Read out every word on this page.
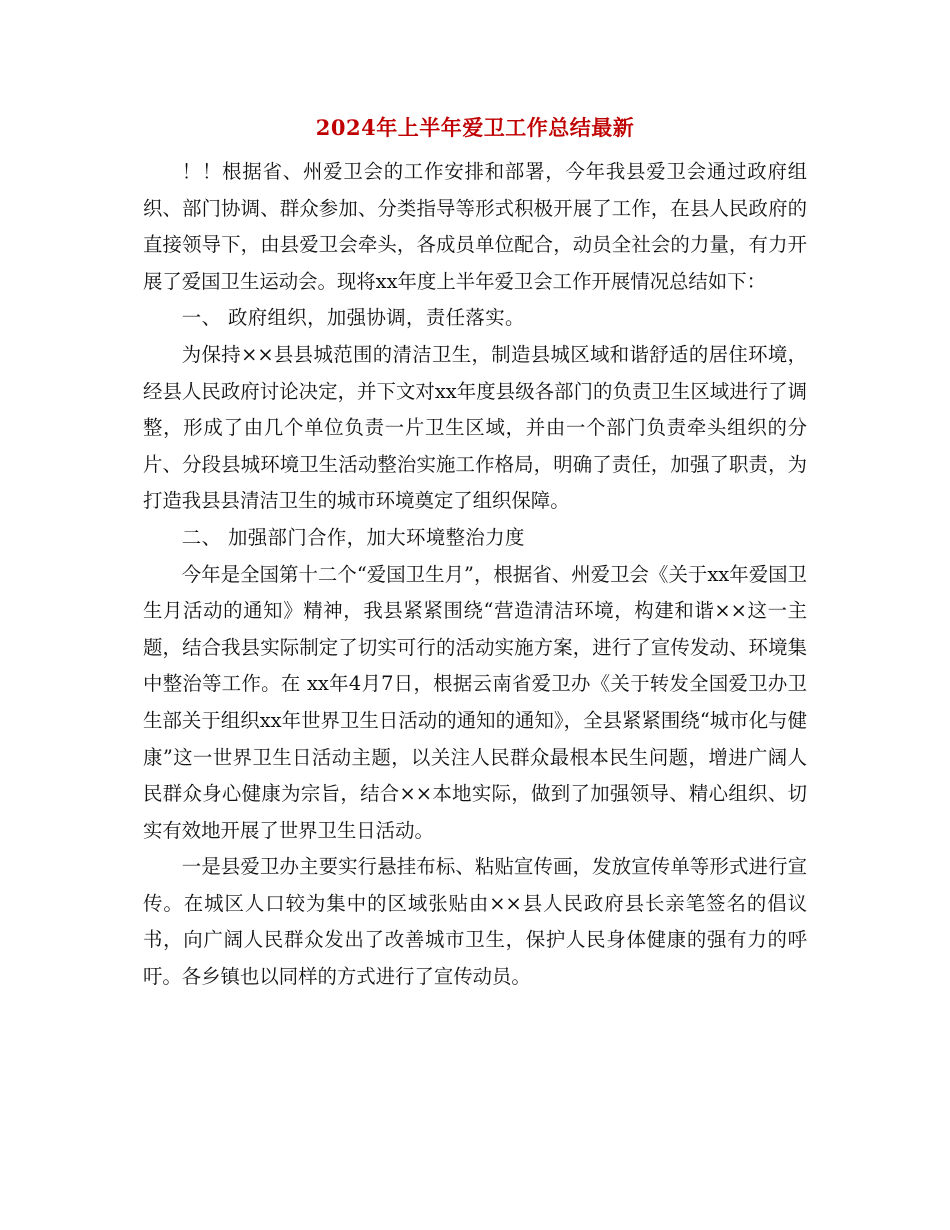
2024年上半年爱卫工作总结最新

！！根据省、州爱卫会的工作安排和部署，今年我县爱卫会通过政府组织、部门协调、群众参加、分类指导等形式积极开展了工作，在县人民政府的直接领导下，由县爱卫会牵头，各成员单位配合，动员全社会的力量，有力开展了爱国卫生运动会。现将xx年度上半年爱卫会工作开展情况总结如下：

一、 政府组织，加强协调，责任落实。

为保持××县县城范围的清洁卫生，制造县城区域和谐舒适的居住环境，经县人民政府讨论决定，并下文对xx年度县级各部门的负责卫生区域进行了调整，形成了由几个单位负责一片卫生区域，并由一个部门负责牵头组织的分片、分段县城环境卫生活动整治实施工作格局，明确了责任，加强了职责，为打造我县县清洁卫生的城市环境奠定了组织保障。

二、 加强部门合作，加大环境整治力度

今年是全国第十二个“爱国卫生月”，根据省、州爱卫会《关于xx年爱国卫生月活动的通知》精神，我县紧紧围绕“营造清洁环境，构建和谐××这一主题，结合我县实际制定了切实可行的活动实施方案，进行了宣传发动、环境集中整治等工作。在 xx年4月7日，根据云南省爱卫办《关于转发全国爱卫办卫生部关于组织xx年世界卫生日活动的通知的通知》，全县紧紧围绕“城市化与健康”这一世界卫生日活动主题，以关注人民群众最根本民生问题，增进广阔人民群众身心健康为宗旨，结合××本地实际，做到了加强领导、精心组织、切实有效地开展了世界卫生日活动。

一是县爱卫办主要实行悬挂布标、粘贴宣传画，发放宣传单等形式进行宣传。在城区人口较为集中的区域张贴由××县人民政府县长亲笔签名的倡议书，向广阔人民群众发出了改善城市卫生，保护人民身体健康的强有力的呼吁。各乡镇也以同样的方式进行了宣传动员。
